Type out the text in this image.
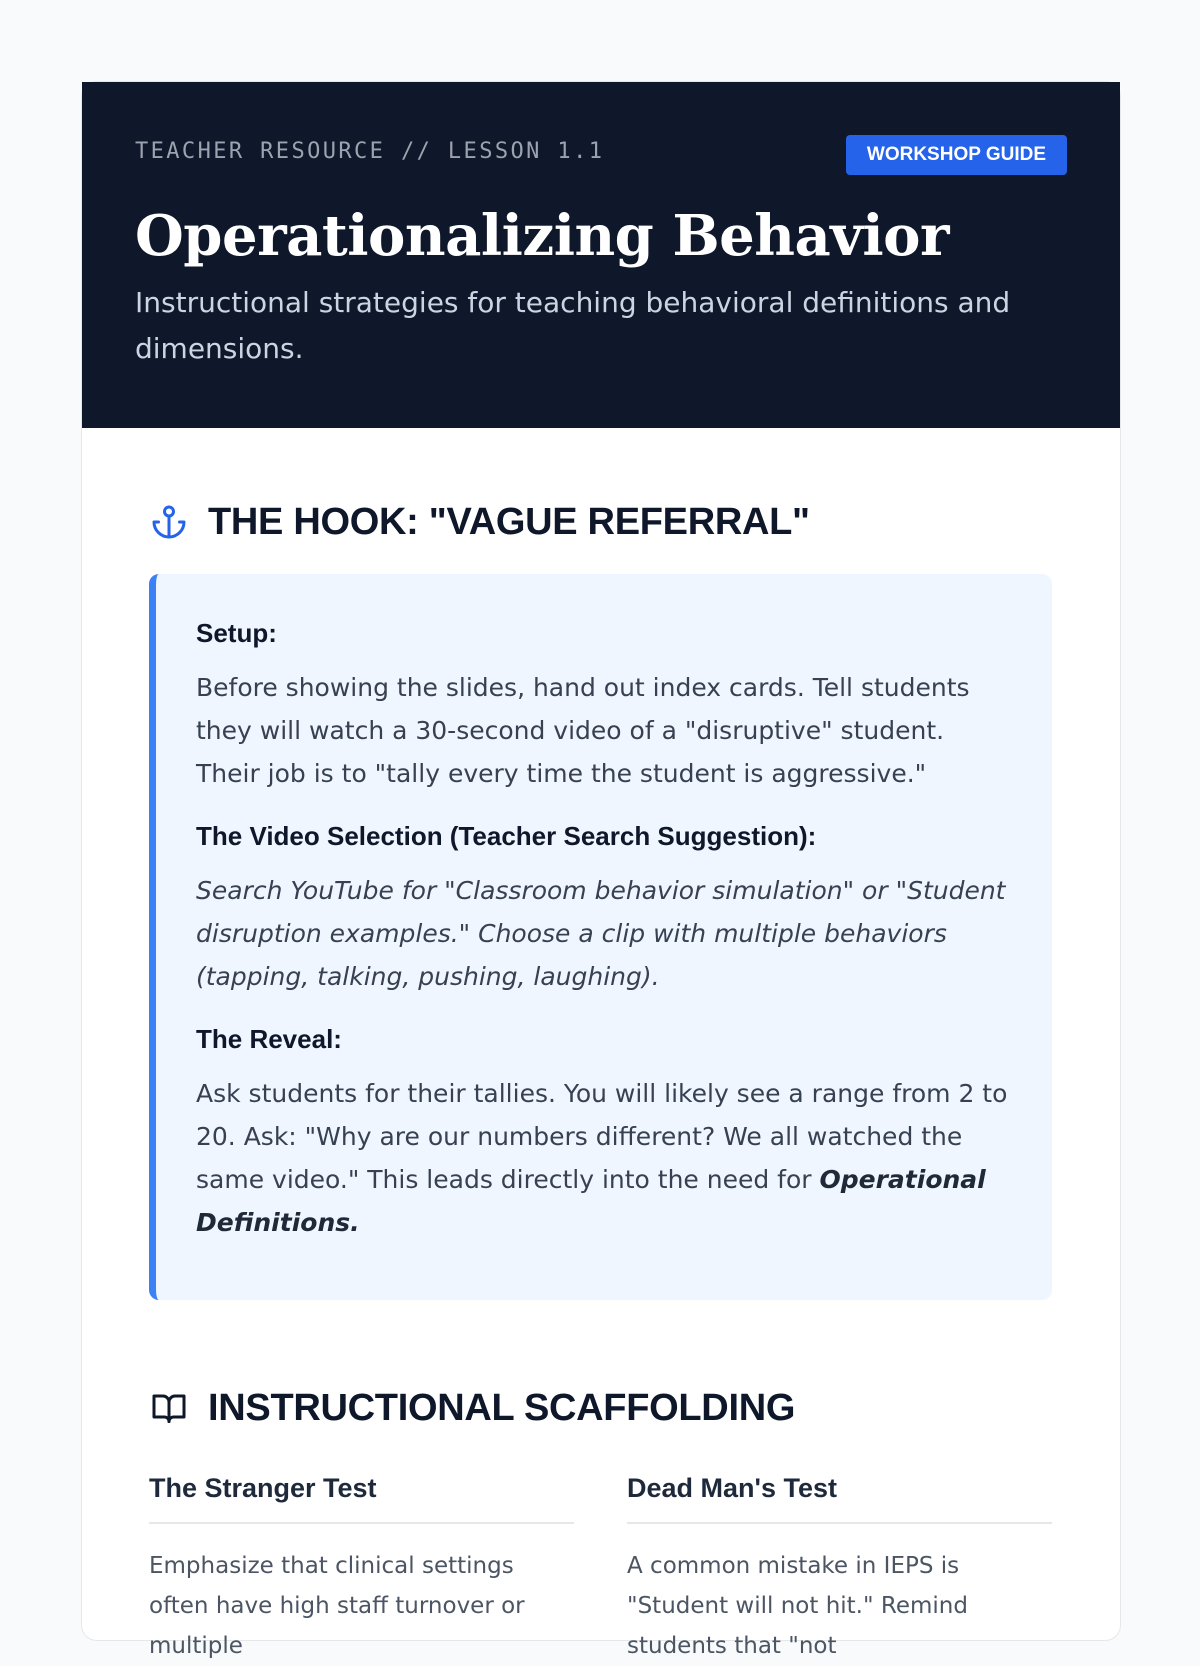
TEACHER RESOURCE // LESSON 1.1	WORKSHOP GUIDE
Operationalizing Behavior
Instructional strategies for teaching behavioral definitions and dimensions.
THE HOOK: "VAGUE REFERRAL"
Setup:

Before showing the slides, hand out index cards. Tell students they will watch a 30-second video of a "disruptive" student. Their job is to "tally every time the student is aggressive."

The Video Selection (Teacher Search Suggestion):

Search YouTube for "Classroom behavior simulation" or "Student disruption examples." Choose a clip with multiple behaviors (tapping, talking, pushing, laughing).

The Reveal:

Ask students for their tallies. You will likely see a range from 2 to 20. Ask: "Why are our numbers different? We all watched the same video." This leads directly into the need for Operational Definitions.

INSTRUCTIONAL SCAFFOLDING
The Stranger Test

Emphasize that clinical settings often have high staff turnover or multiple

Dead Man's Test

A common mistake in IEPS is "Student will not hit." Remind students that "not
